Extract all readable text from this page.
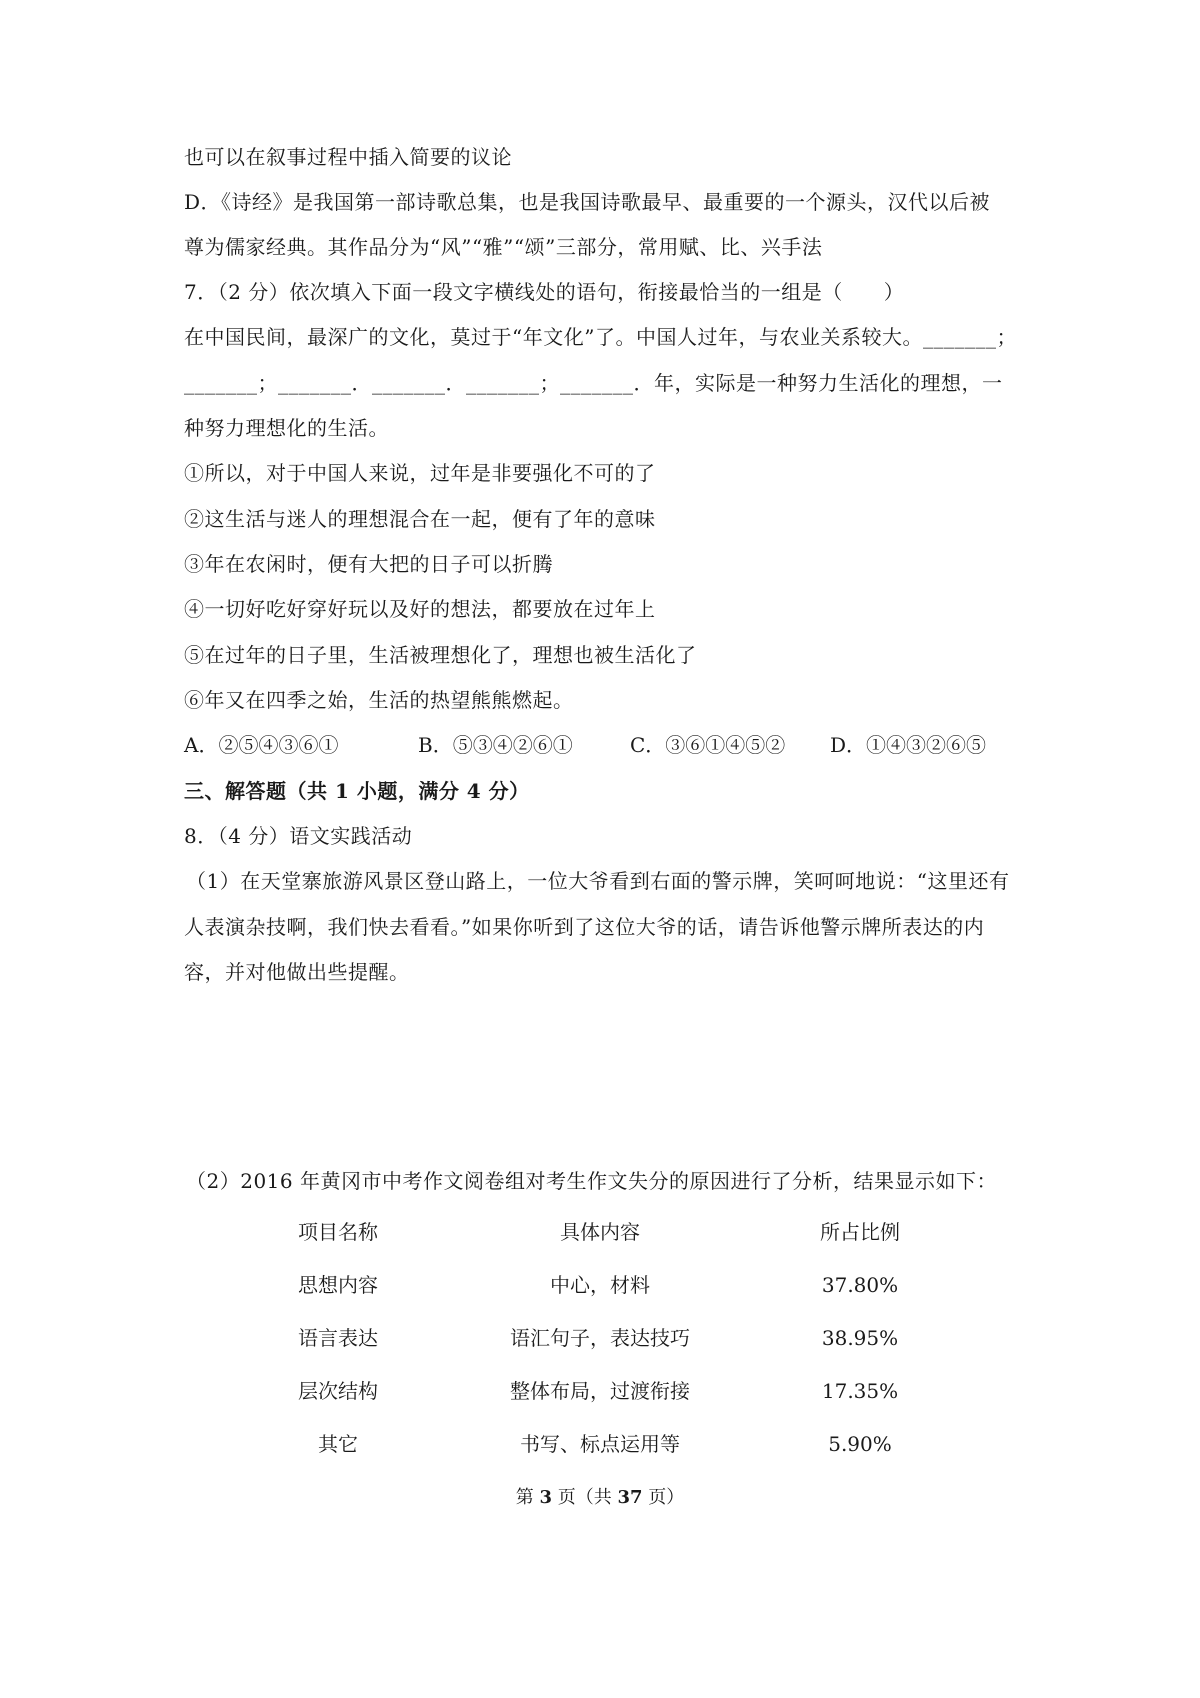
也可以在叙事过程中插入简要的议论
D．《诗经》是我国第一部诗歌总集，也是我国诗歌最早、最重要的一个源头，汉代以后被
尊为儒家经典。其作品分为“风”“雅”“颂”三部分，常用赋、比、兴手法
7．（2 分）依次填入下面一段文字横线处的语句，衔接最恰当的一组是（　　）
在中国民间，最深广的文化，莫过于“年文化”了。中国人过年，与农业关系较大。_______；
_______；_______．_______．_______；_______．年，实际是一种努力生活化的理想，一
种努力理想化的生活。
①所以，对于中国人来说，过年是非要强化不可的了
②这生活与迷人的理想混合在一起，便有了年的意味
③年在农闲时，便有大把的日子可以折腾
④一切好吃好穿好玩以及好的想法，都要放在过年上
⑤在过年的日子里，生活被理想化了，理想也被生活化了
⑥年又在四季之始，生活的热望熊熊燃起。
A．②⑤④③⑥①	B．⑤③④②⑥①	C．③⑥①④⑤② D．①④③②⑥⑤
三、解答题（共 1 小题，满分 4 分）
8．（4 分）语文实践活动
（1）在天堂寨旅游风景区登山路上，一位大爷看到右面的警示牌，笑呵呵地说：“这里还有
人表演杂技啊，我们快去看看。”如果你听到了这位大爷的话，请告诉他警示牌所表达的内
容，并对他做出些提醒。
（2）2016 年黄冈市中考作文阅卷组对考生作文失分的原因进行了分析，结果显示如下：
项目名称	具体内容	所占比例
思想内容	中心，材料	37.80%
语言表达	语汇句子，表达技巧	38.95%
层次结构	整体布局，过渡衔接	17.35%
其它	书写、标点运用等	5.90%
第 3 页（共 37 页）
